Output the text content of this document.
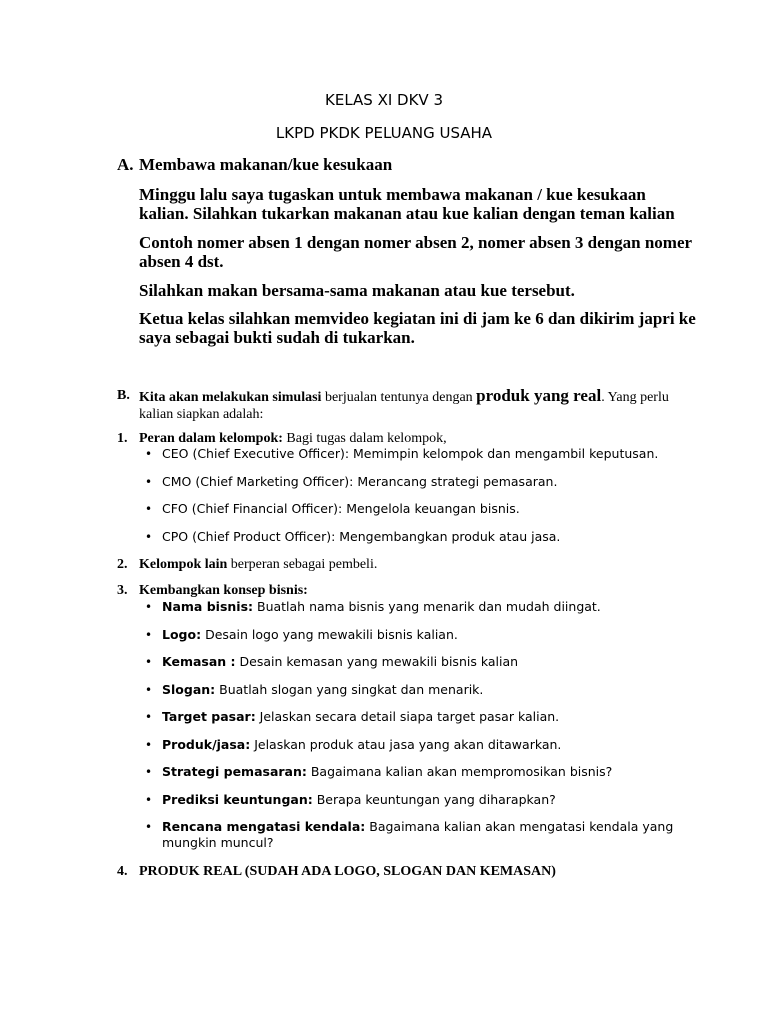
KELAS XI DKV 3
LKPD PKDK PELUANG USAHA
A. Membawa makanan/kue kesukaan
Minggu lalu saya tugaskan untuk membawa makanan / kue kesukaan kalian. Silahkan tukarkan makanan atau kue kalian dengan teman kalian
Contoh nomer absen 1 dengan nomer absen 2, nomer absen 3 dengan nomer absen 4 dst.
Silahkan makan bersama-sama makanan atau kue tersebut.
Ketua kelas silahkan memvideo kegiatan ini di jam ke 6 dan dikirim japri ke saya sebagai bukti sudah di tukarkan.
B. Kita akan melakukan simulasi berjualan tentunya dengan produk yang real. Yang perlu kalian siapkan adalah:
1. Peran dalam kelompok: Bagi tugas dalam kelompok,
• CEO (Chief Executive Officer): Memimpin kelompok dan mengambil keputusan.
• CMO (Chief Marketing Officer): Merancang strategi pemasaran.
• CFO (Chief Financial Officer): Mengelola keuangan bisnis.
• CPO (Chief Product Officer): Mengembangkan produk atau jasa.
2. Kelompok lain berperan sebagai pembeli.
3. Kembangkan konsep bisnis:
• Nama bisnis: Buatlah nama bisnis yang menarik dan mudah diingat.
• Logo: Desain logo yang mewakili bisnis kalian.
• Kemasan : Desain kemasan yang mewakili bisnis kalian
• Slogan: Buatlah slogan yang singkat dan menarik.
• Target pasar: Jelaskan secara detail siapa target pasar kalian.
• Produk/jasa: Jelaskan produk atau jasa yang akan ditawarkan.
• Strategi pemasaran: Bagaimana kalian akan mempromosikan bisnis?
• Prediksi keuntungan: Berapa keuntungan yang diharapkan?
• Rencana mengatasi kendala: Bagaimana kalian akan mengatasi kendala yang mungkin muncul?
4. PRODUK REAL (SUDAH ADA LOGO, SLOGAN DAN KEMASAN)
